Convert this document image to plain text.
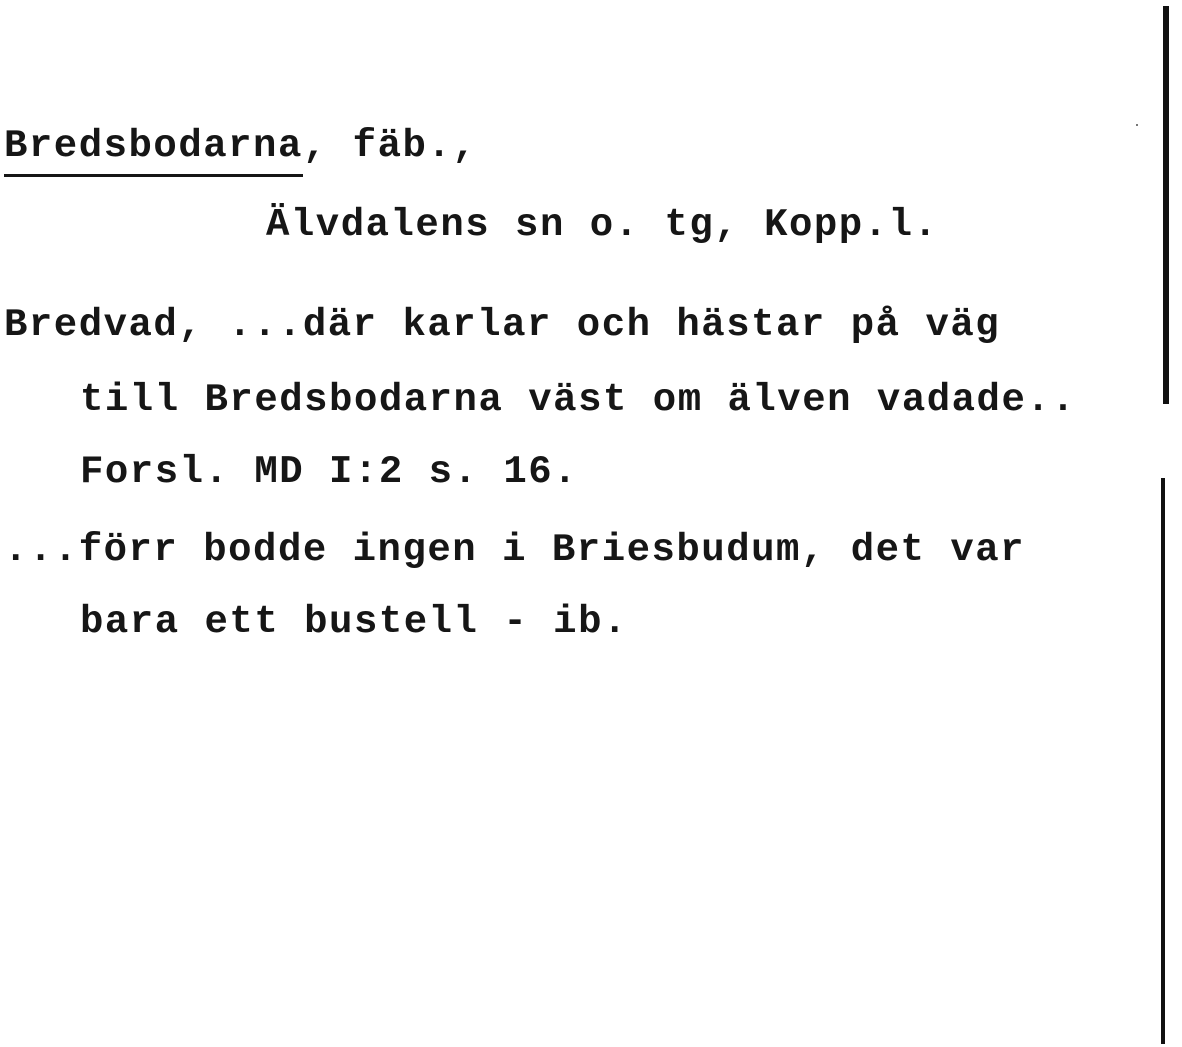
Bredsbodarna, fäb.,
Älvdalens sn o. tg, Kopp.l.
Bredvad, ...där karlar och hästar på väg
till Bredsbodarna väst om älven vadade..
Forsl. MD I:2 s. 16.
...förr bodde ingen i Briesbudum, det var
bara ett bustell - ib.
